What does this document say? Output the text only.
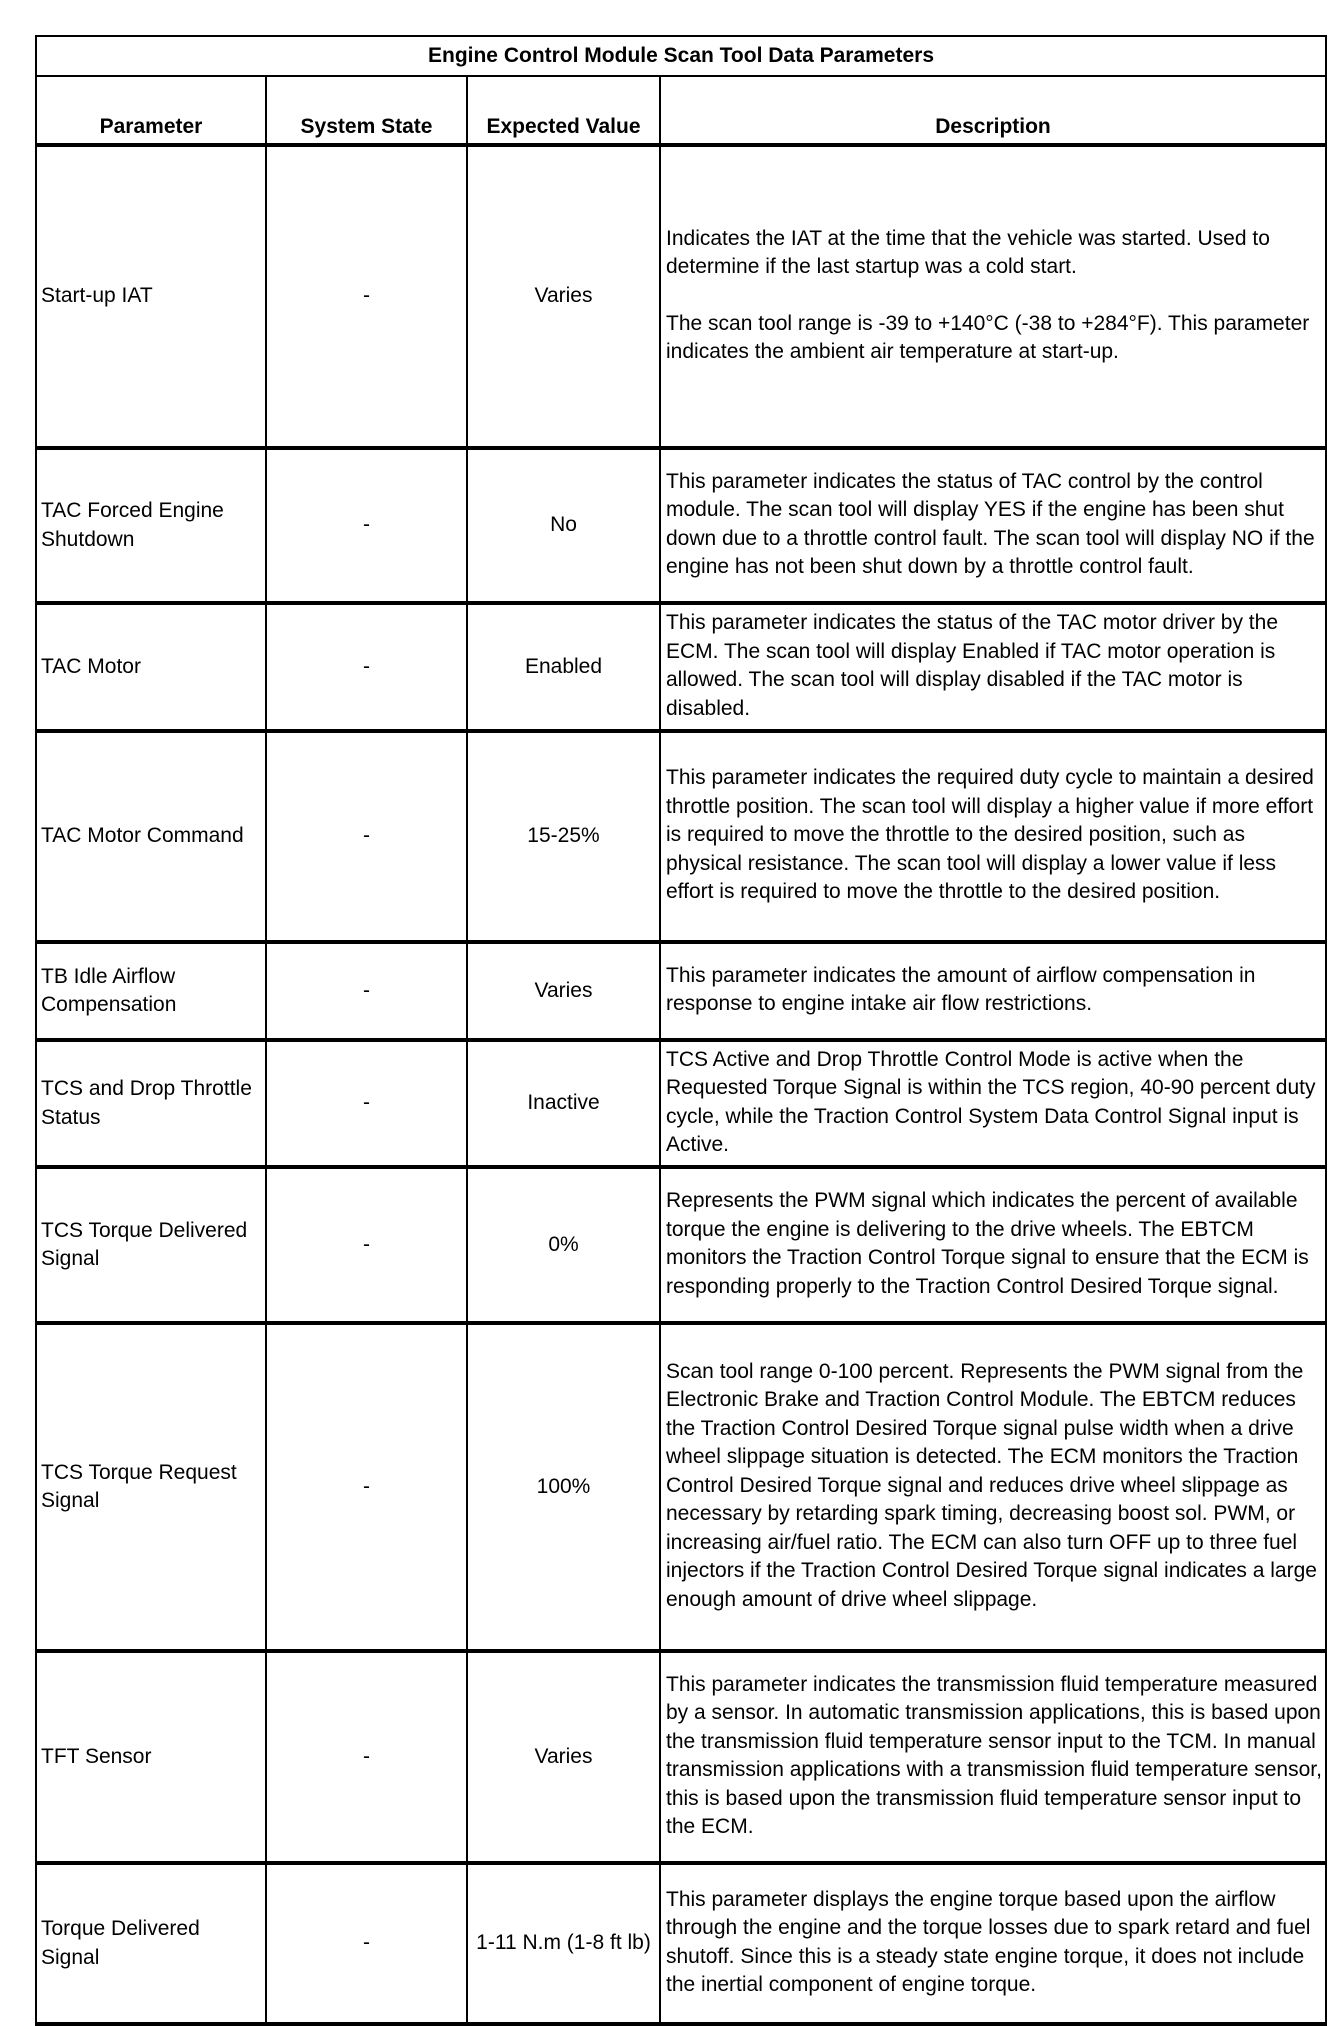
Engine Control Module Scan Tool Data Parameters			
Parameter	System State	Expected Value	Description
Start-up IAT	-	Varies	Indicates the IAT at the time that the vehicle was started. Used to determine if the last startup was a cold start.

The scan tool range is -39 to +140°C (-38 to +284°F). This parameter indicates the ambient air temperature at start-up.

TAC Forced Engine Shutdown	-	No	This parameter indicates the status of TAC control by the control module. The scan tool will display YES if the engine has been shut down due to a throttle control fault. The scan tool will display NO if the engine has not been shut down by a throttle control fault.

TAC Motor	-	Enabled	This parameter indicates the status of the TAC motor driver by the ECM. The scan tool will display Enabled if TAC motor operation is allowed. The scan tool will display disabled if the TAC motor is disabled.

TAC Motor Command	-	15-25%	This parameter indicates the required duty cycle to maintain a desired throttle position. The scan tool will display a higher value if more effort is required to move the throttle to the desired position, such as physical resistance. The scan tool will display a lower value if less effort is required to move the throttle to the desired position.

TB Idle Airflow Compensation	-	Varies	This parameter indicates the amount of airflow compensation in response to engine intake air flow restrictions.

TCS and Drop Throttle Status	-	Inactive	TCS Active and Drop Throttle Control Mode is active when the Requested Torque Signal is within the TCS region, 40-90 percent duty cycle, while the Traction Control System Data Control Signal input is Active.

TCS Torque Delivered Signal	-	0%	Represents the PWM signal which indicates the percent of available torque the engine is delivering to the drive wheels. The EBTCM monitors the Traction Control Torque signal to ensure that the ECM is responding properly to the Traction Control Desired Torque signal.

TCS Torque Request Signal	-	100%	Scan tool range 0-100 percent. Represents the PWM signal from the Electronic Brake and Traction Control Module. The EBTCM reduces the Traction Control Desired Torque signal pulse width when a drive wheel slippage situation is detected. The ECM monitors the Traction Control Desired Torque signal and reduces drive wheel slippage as necessary by retarding spark timing, decreasing boost sol. PWM, or increasing air/fuel ratio. The ECM can also turn OFF up to three fuel injectors if the Traction Control Desired Torque signal indicates a large enough amount of drive wheel slippage.

TFT Sensor	-	Varies	This parameter indicates the transmission fluid temperature measured by a sensor. In automatic transmission applications, this is based upon the transmission fluid temperature sensor input to the TCM. In manual transmission applications with a transmission fluid temperature sensor, this is based upon the transmission fluid temperature sensor input to the ECM.

Torque Delivered Signal	-	1-11 N.m (1-8 ft lb)	This parameter displays the engine torque based upon the airflow through the engine and the torque losses due to spark retard and fuel shutoff. Since this is a steady state engine torque, it does not include the inertial component of engine torque.
